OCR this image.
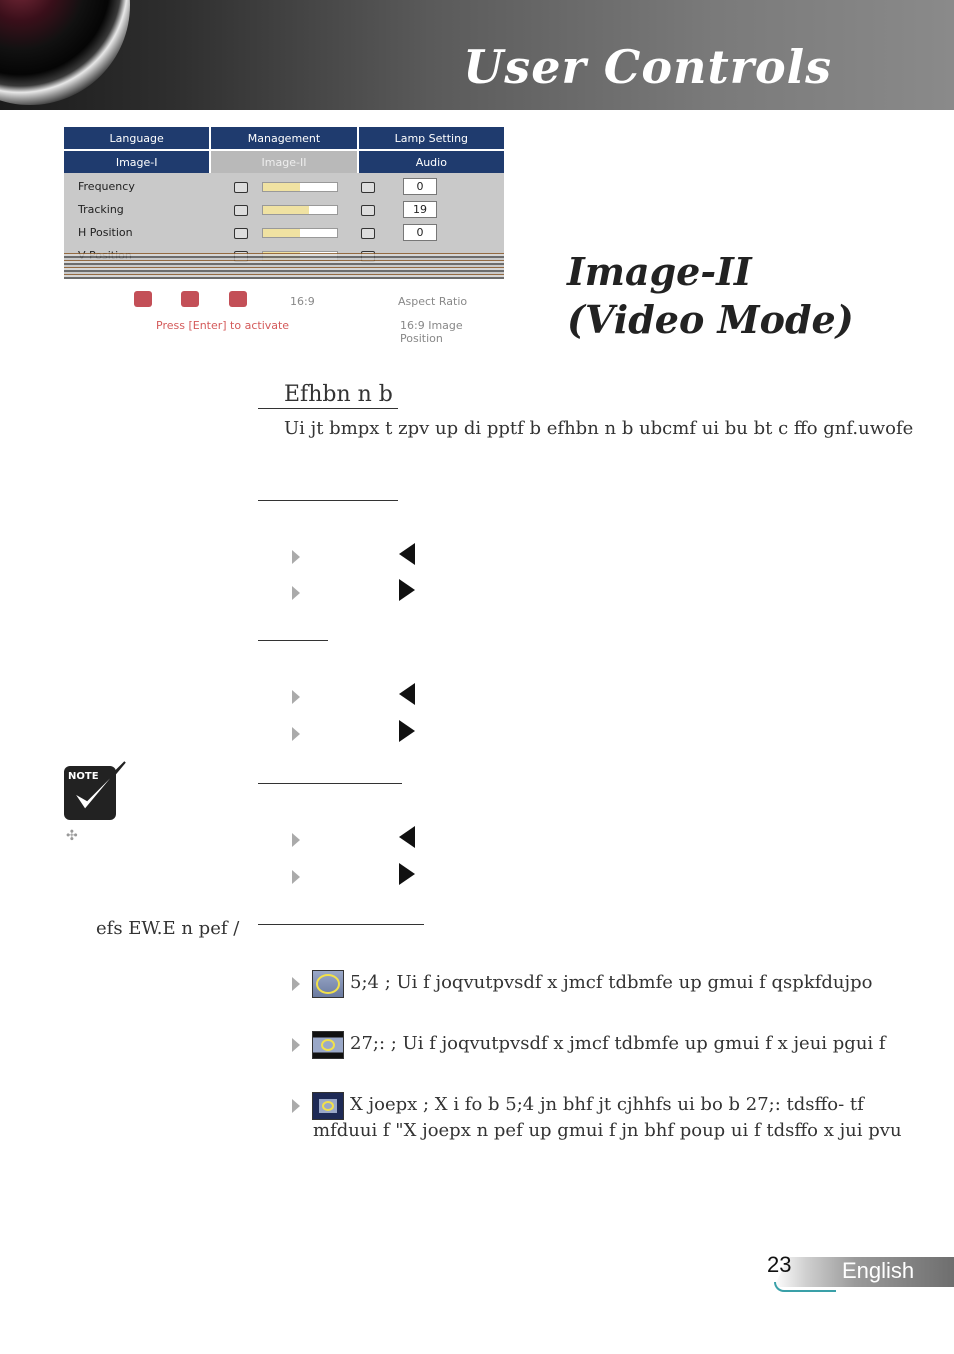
User Controls
Language	Management	Lamp Setting
Image-I	Image-II	Audio
Frequency	0
Tracking	19
H Position	0
16:9	Aspect Ratio
Press [Enter] to activate	16:9 Image Position
Image-II
(Video Mode)
Efhbn n b
Ui jt bmpx t zpv up di pptf b efhbn n b ubcmf ui bu bt c ffo gnf.uwofe
NOTE
✣
efs EW.E n pef /
5;4 ; Ui f joqvutpvsdf x jmcf tdbmfe up gmui f qspkfdujpo
27;: ; Ui f joqvutpvsdf x jmcf tdbmfe up gmui f x jeui pgui f
X joepx ; X i fo b 5;4 jn bhf jt cjhhfs ui bo b 27;: tdsffo- tf
mfduui f "X joepx n pef up gmui f jn bhf poup ui f tdsffo x jui pvu
23 English
